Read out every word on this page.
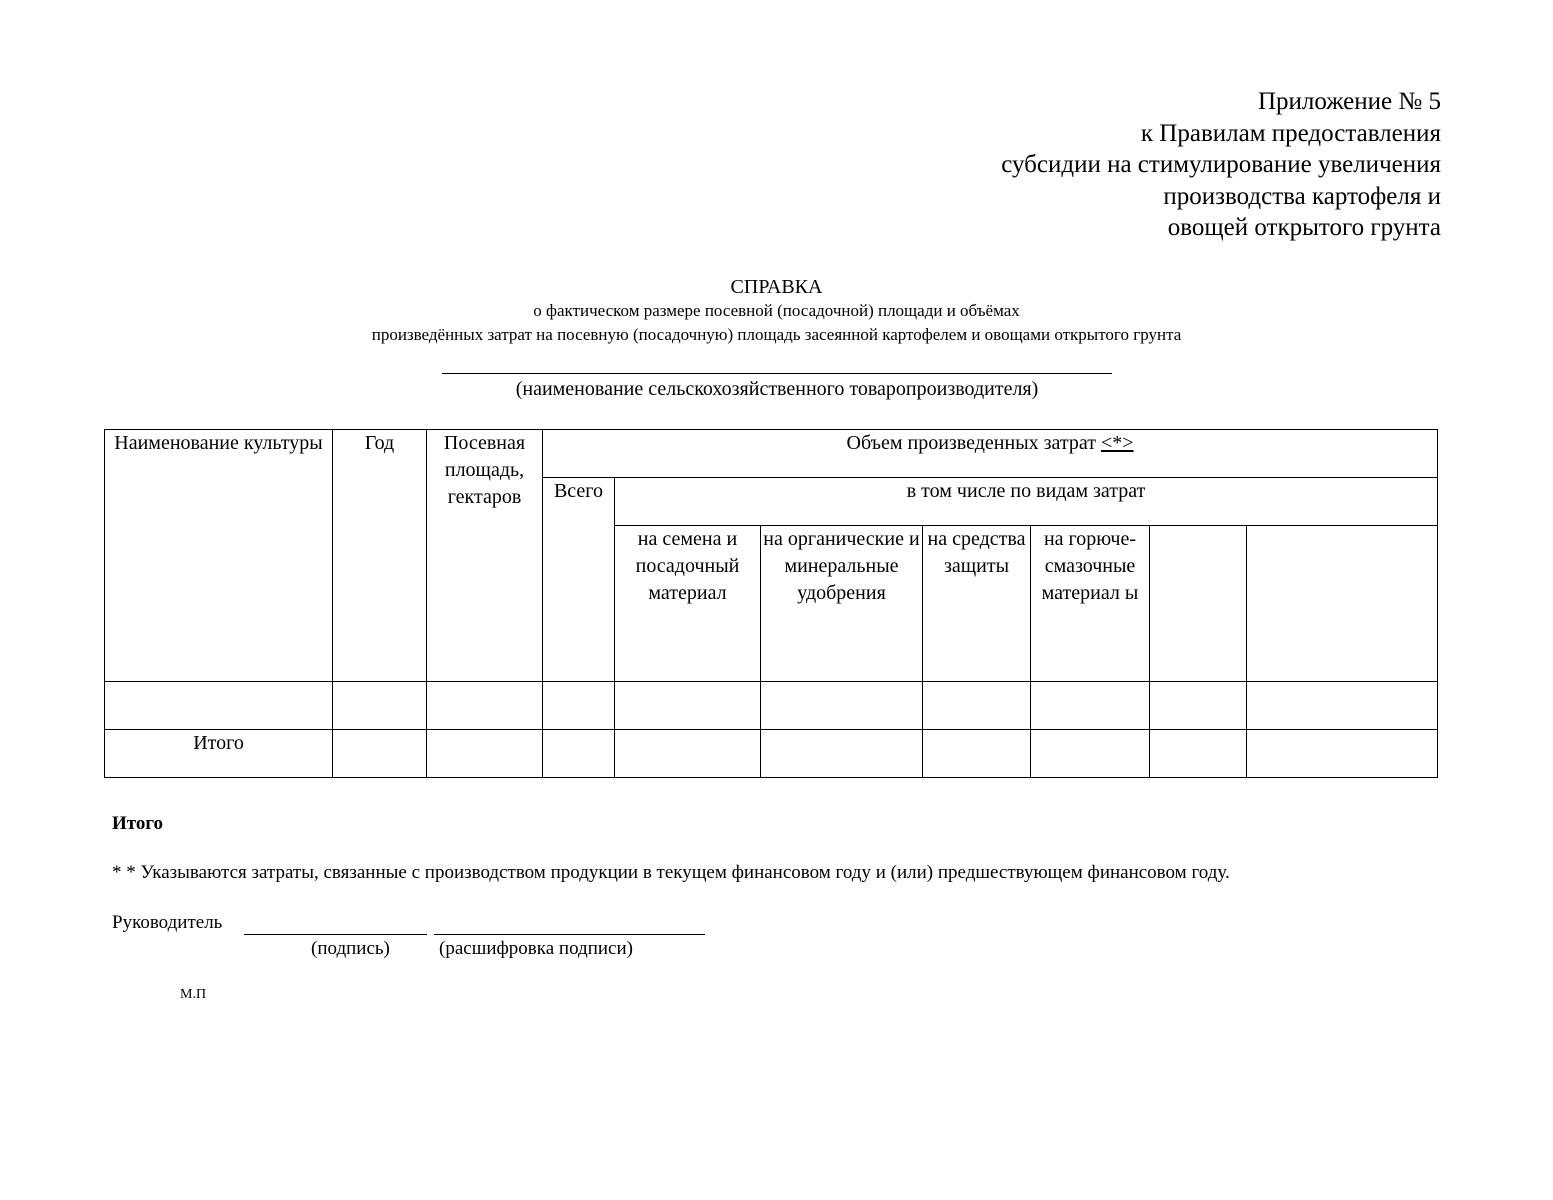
Приложение № 5
к Правилам предоставления
субсидии на стимулирование увеличения
производства картофеля и
овощей открытого грунта
СПРАВКА
о фактическом размере посевной (посадочной) площади и объёмах
произведённых затрат на посевную (посадочную) площадь засеянной картофелем и овощами открытого грунта
(наименование сельскохозяйственного товаропроизводителя)
Наименование культуры	Год	Посевная площадь, гектаров	Объем произведенных затрат <*>						
			Всего	в том числе по видам затрат					
				на семена и посадочный материал	на органические и минеральные удобрения	на средства защиты	на горюче-смазочные материал ы		

Итого									
Итого
* * Указываются затраты, связанные с производством продукции в текущем финансовом году и (или) предшествующем финансовом году.
Руководитель
(подпись)	(расшифровка подписи)
М.П
